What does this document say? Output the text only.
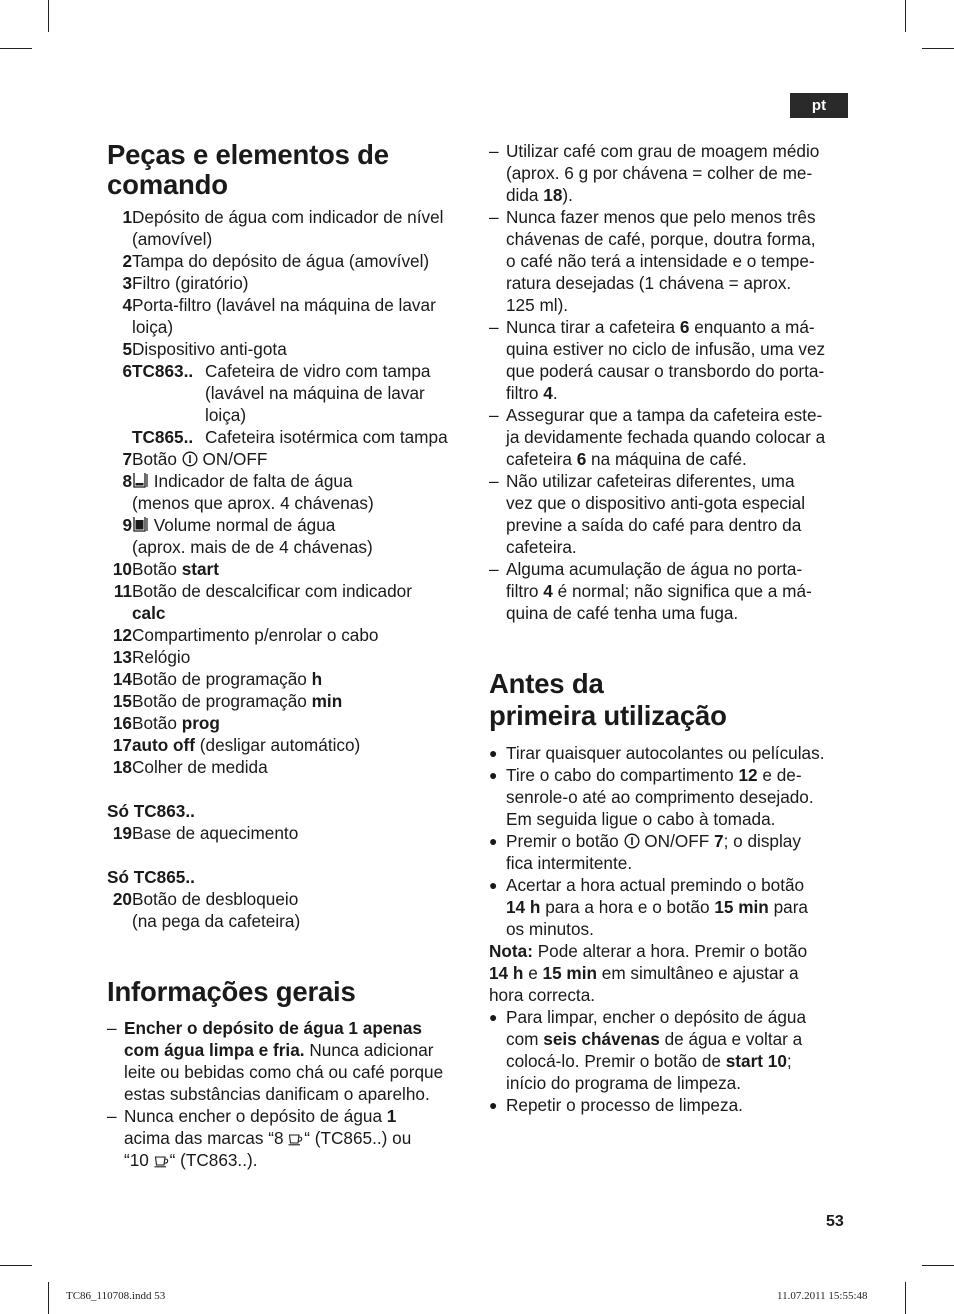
pt
Peças e elementos de
comando
1 Depósito de água com indicador de nível
(amovível)
2 Tampa do depósito de água (amovível)
3 Filtro (giratório)
4 Porta-filtro (lavável na máquina de lavar
loiça)
5 Dispositivo anti-gota
6 TC863.. Cafeteira de vidro com tampa
(lavável na máquina de lavar
loiça)
TC865.. Cafeteira isotérmica com tampa
7 Botão ON/OFF
8	Indicador de falta de água
(menos que aprox. 4 chávenas)
9	Volume normal de água
(aprox. mais de de 4 chávenas)
10 Botão start
11 Botão de descalcificar com indicador
calc
12 Compartimento p/enrolar o cabo
13 Relógio
14 Botão de programação h
15 Botão de programação min
16 Botão prog
17 auto off (desligar automático)
18 Colher de medida
Só TC863..
19 Base de aquecimento
Só TC865..
20 Botão de desbloqueio
(na pega da cafeteira)
Informações gerais
– Encher o depósito de água 1 apenas
com água limpa e fria. Nunca adicionar
leite ou bebidas como chá ou café porque
estas substâncias danificam o aparelho.
– Nunca encher o depósito de água 1
acima das marcas “8 “ (TC865..) ou
“10 “ (TC863..).
– Utilizar café com grau de moagem médio
(aprox. 6 g por chávena = colher de me-
dida 18).
– Nunca fazer menos que pelo menos três
chávenas de café, porque, doutra forma,
o café não terá a intensidade e o tempe-
ratura desejadas (1 chávena = aprox.
125 ml).
– Nunca tirar a cafeteira 6 enquanto a má-
quina estiver no ciclo de infusão, uma vez
que poderá causar o transbordo do porta-
filtro 4.
– Assegurar que a tampa da cafeteira este-
ja devidamente fechada quando colocar a
cafeteira 6 na máquina de café.
– Não utilizar cafeteiras diferentes, uma
vez que o dispositivo anti-gota especial
previne a saída do café para dentro da
cafeteira.
– Alguma acumulação de água no porta-
filtro 4 é normal; não significa que a má-
quina de café tenha uma fuga.
Antes da
primeira utilização
● Tirar quaisquer autocolantes ou películas.
● Tire o cabo do compartimento 12 e de-
senrole-o até ao comprimento desejado.
Em seguida ligue o cabo à tomada.
● Premir o botão ON/OFF 7; o display
fica intermitente.
● Acertar a hora actual premindo o botão
14 h para a hora e o botão 15 min para
os minutos.
Nota: Pode alterar a hora. Premir o botão
14 h e 15 min em simultâneo e ajustar a
hora correcta.
● Para limpar, encher o depósito de água
com seis chávenas de água e voltar a
colocá-lo. Premir o botão de start 10;
início do programa de limpeza.
● Repetir o processo de limpeza.
53
TC86_110708.indd 53	11.07.2011 15:55:48
